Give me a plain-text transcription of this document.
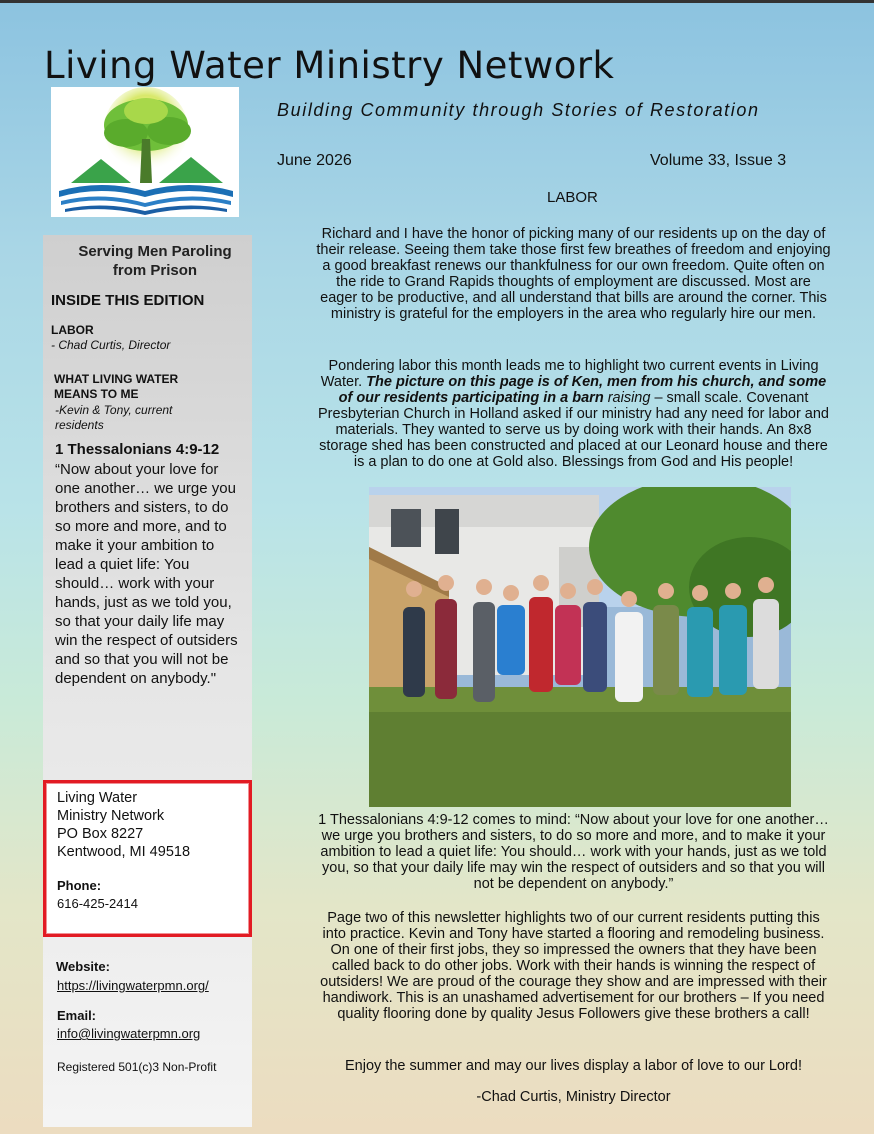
Living Water Ministry Network
Building Community through Stories of Restoration
June 2026	Volume 33, Issue 3
LABOR
Serving Men Paroling from Prison
INSIDE THIS EDITION
LABOR
- Chad Curtis, Director
WHAT LIVING WATER MEANS TO ME
-Kevin & Tony, current residents
1 Thessalonians 4:9-12
“Now about your love for one another… we urge you brothers and sisters, to do so more and more, and to make it your ambition to lead a quiet life: You should… work with your hands, just as we told you, so that your daily life may win the respect of outsiders and so that you will not be dependent on anybody."
Living Water
Ministry Network
PO Box 8227
Kentwood, MI 49518
Phone:
616-425-2414
Website:
https://livingwaterpmn.org/
Email:
info@livingwaterpmn.org
Registered 501(c)3 Non-Profit
Richard and I have the honor of picking many of our residents up on the day of their release. Seeing them take those first few breathes of freedom and enjoying a good breakfast renews our thankfulness for our own freedom. Quite often on the ride to Grand Rapids thoughts of employment are discussed. Most are eager to be productive, and all understand that bills are around the corner. This ministry is grateful for the employers in the area who regularly hire our men.
Pondering labor this month leads me to highlight two current events in Living Water. The picture on this page is of Ken, men from his church, and some of our residents participating in a barn raising – small scale. Covenant Presbyterian Church in Holland asked if our ministry had any need for labor and materials. They wanted to serve us by doing work with their hands. An 8x8 storage shed has been constructed and placed at our Leonard house and there is a plan to do one at Gold also. Blessings from God and His people!
1 Thessalonians 4:9-12 comes to mind: “Now about your love for one another… we urge you brothers and sisters, to do so more and more, and to make it your ambition to lead a quiet life: You should… work with your hands, just as we told you, so that your daily life may win the respect of outsiders and so that you will not be dependent on anybody.”
Page two of this newsletter highlights two of our current residents putting this into practice. Kevin and Tony have started a flooring and remodeling business. On one of their first jobs, they so impressed the owners that they have been called back to do other jobs. Work with their hands is winning the respect of outsiders! We are proud of the courage they show and are impressed with their handiwork. This is an unashamed advertisement for our brothers – If you need quality flooring done by quality Jesus Followers give these brothers a call!
Enjoy the summer and may our lives display a labor of love to our Lord!
-Chad Curtis, Ministry Director
